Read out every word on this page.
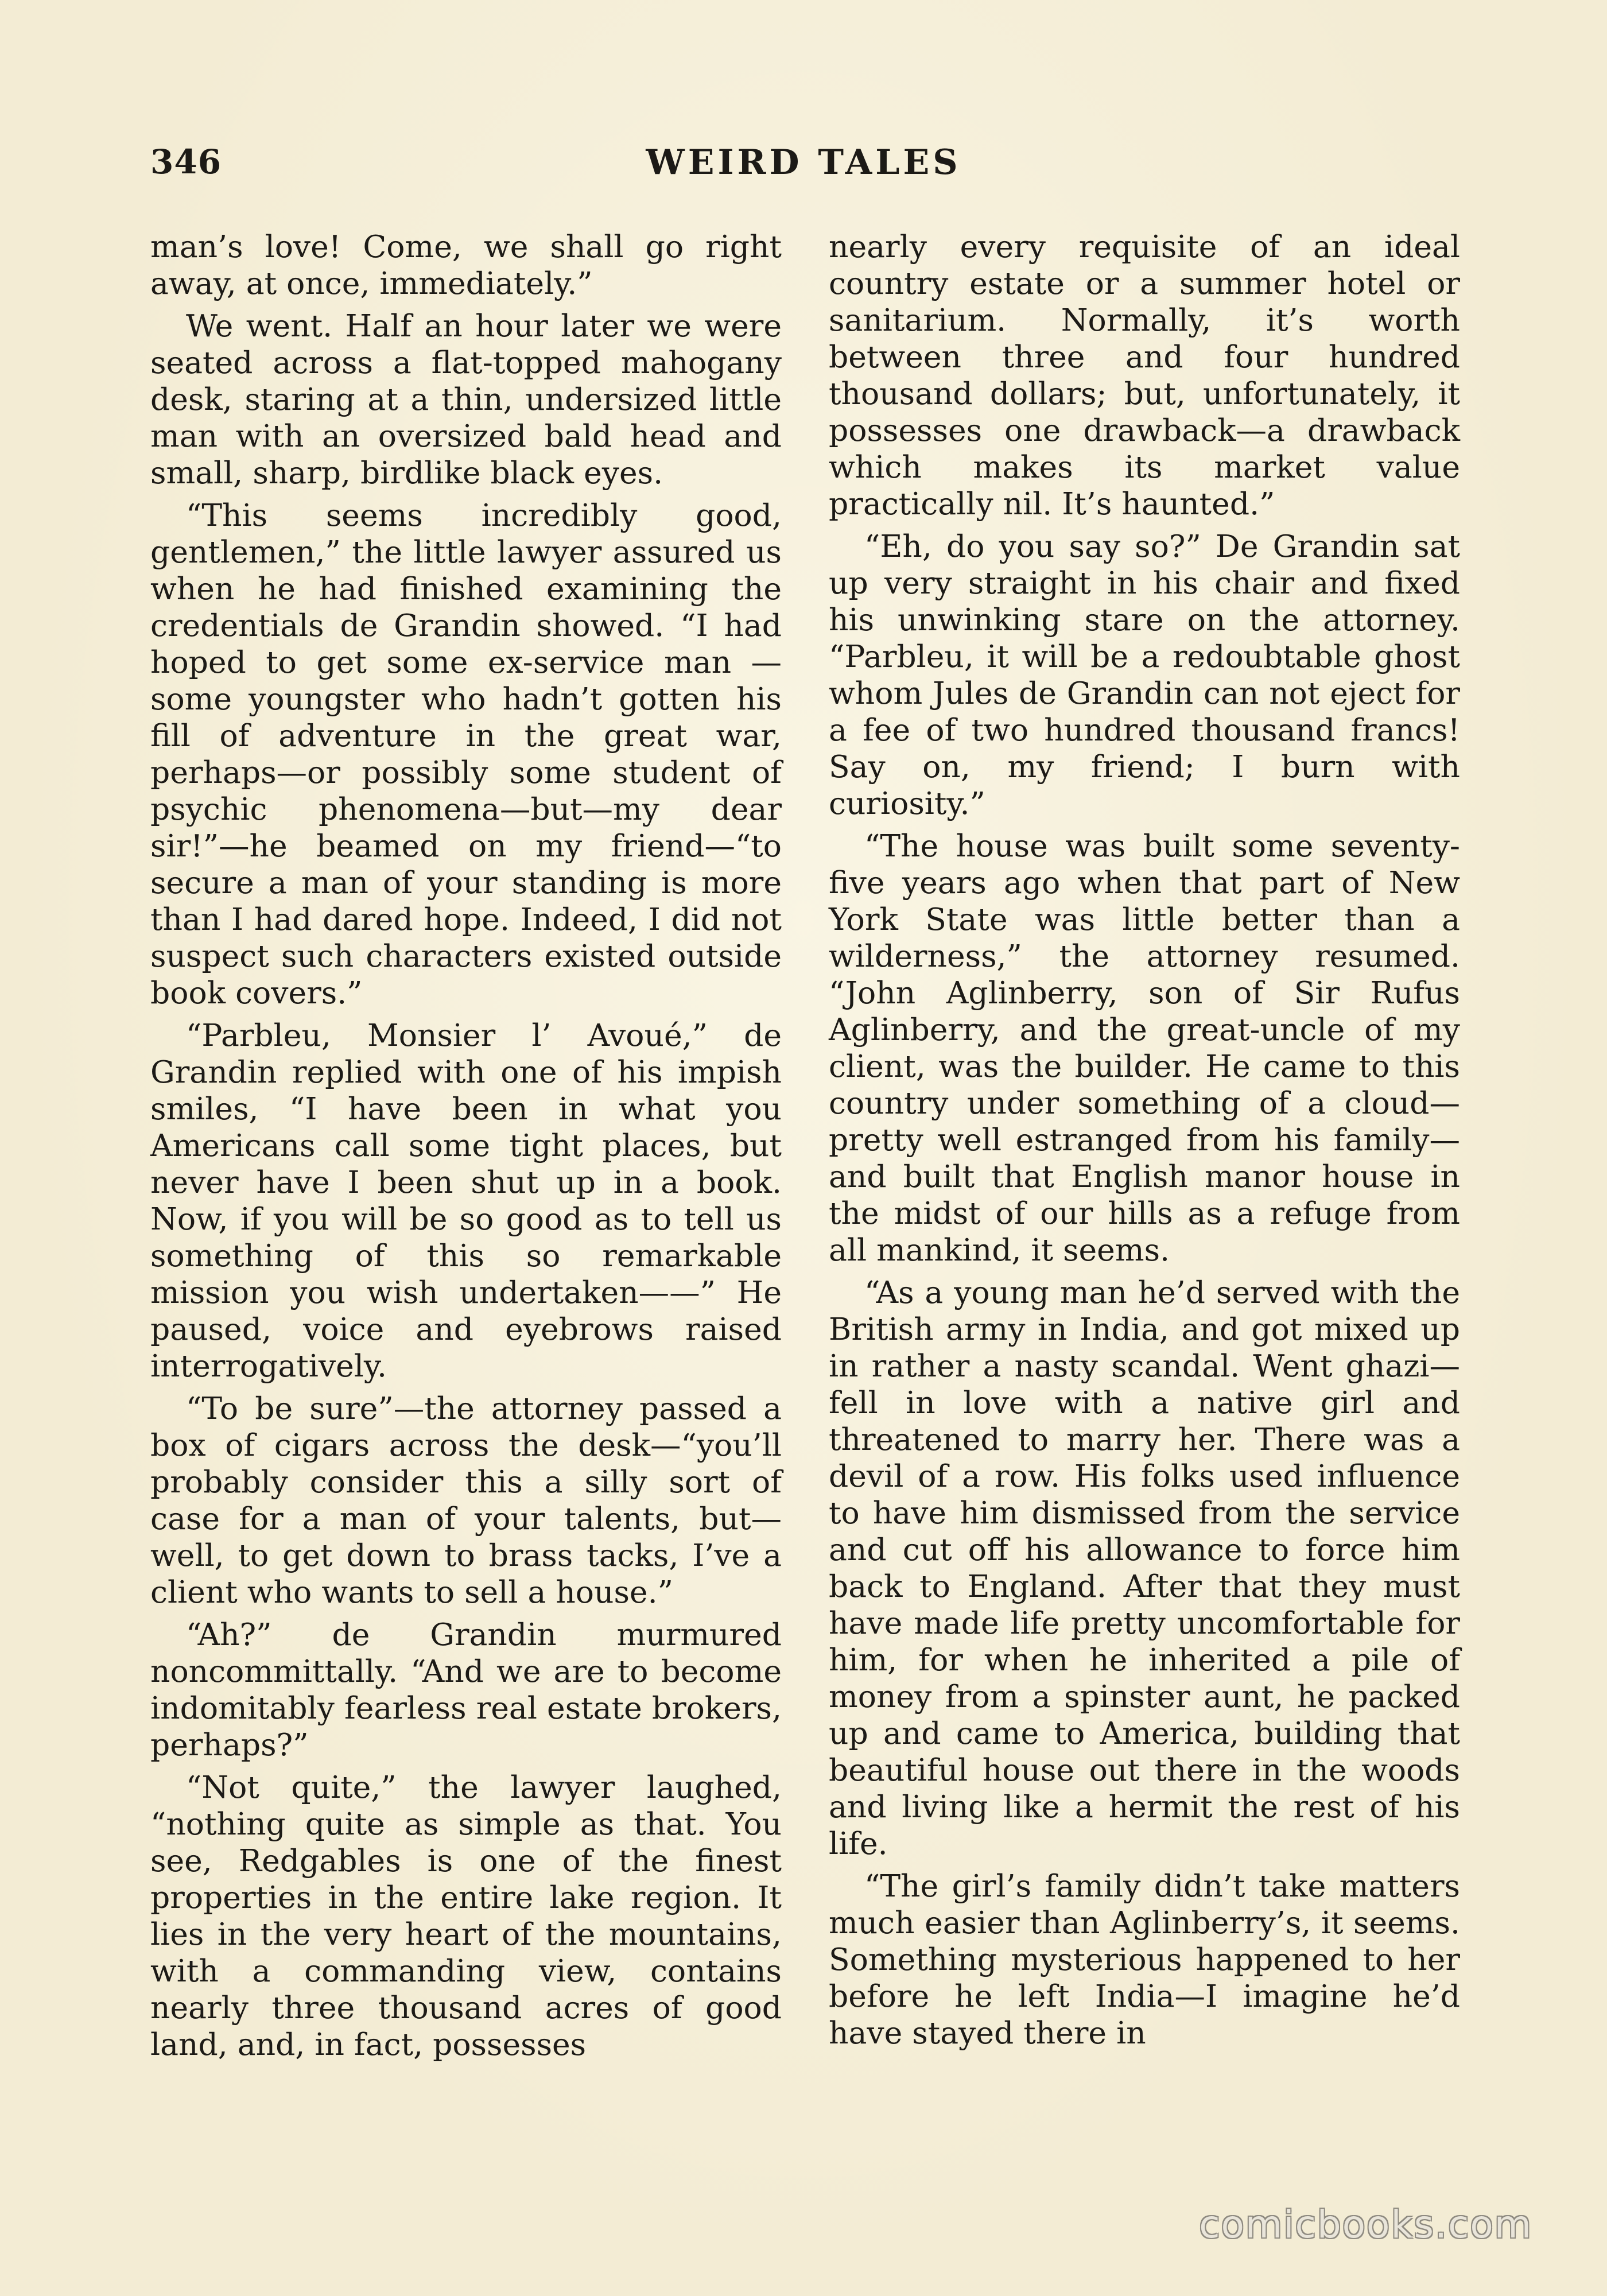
346	WEIRD TALES

man’s love! Come, we shall go right away, at once, immediately.”

We went. Half an hour later we were seated across a flat-topped mahogany desk, staring at a thin, undersized little man with an oversized bald head and small, sharp, birdlike black eyes.

“This seems incredibly good, gentlemen,” the little lawyer assured us when he had finished examining the credentials de Grandin showed. “I had hoped to get some ex-service man —some youngster who hadn’t gotten his fill of adventure in the great war, perhaps—or possibly some student of psychic phenomena—but—my dear sir!”—he beamed on my friend—“to secure a man of your standing is more than I had dared hope. Indeed, I did not suspect such characters existed outside book covers.”

“Parbleu, Monsier l’ Avoué,” de Grandin replied with one of his impish smiles, “I have been in what you Americans call some tight places, but never have I been shut up in a book. Now, if you will be so good as to tell us something of this so remarkable mission you wish undertaken——” He paused, voice and eyebrows raised interrogatively.

“To be sure”—the attorney passed a box of cigars across the desk—“you’ll probably consider this a silly sort of case for a man of your talents, but—well, to get down to brass tacks, I’ve a client who wants to sell a house.”

“Ah?” de Grandin murmured noncommittally. “And we are to become indomitably fearless real estate brokers, perhaps?”

“Not quite,” the lawyer laughed, “nothing quite as simple as that. You see, Redgables is one of the finest properties in the entire lake region. It lies in the very heart of the mountains, with a commanding view, contains nearly three thousand acres of good land, and, in fact, possesses

nearly every requisite of an ideal country estate or a summer hotel or sanitarium. Normally, it’s worth between three and four hundred thousand dollars; but, unfortunately, it possesses one drawback—a drawback which makes its market value practically nil. It’s haunted.”

“Eh, do you say so?” De Grandin sat up very straight in his chair and fixed his unwinking stare on the attorney. “Parbleu, it will be a redoubtable ghost whom Jules de Grandin can not eject for a fee of two hundred thousand francs! Say on, my friend; I burn with curiosity.”

“The house was built some seventy-five years ago when that part of New York State was little better than a wilderness,” the attorney resumed. “John Aglinberry, son of Sir Rufus Aglinberry, and the great-uncle of my client, was the builder. He came to this country under something of a cloud—pretty well estranged from his family—and built that English manor house in the midst of our hills as a refuge from all mankind, it seems.

“As a young man he’d served with the British army in India, and got mixed up in rather a nasty scandal. Went ghazi—fell in love with a native girl and threatened to marry her. There was a devil of a row. His folks used influence to have him dismissed from the service and cut off his allowance to force him back to England. After that they must have made life pretty uncomfortable for him, for when he inherited a pile of money from a spinster aunt, he packed up and came to America, building that beautiful house out there in the woods and living like a hermit the rest of his life.

“The girl’s family didn’t take matters much easier than Aglinberry’s, it seems. Something mysterious happened to her before he left India—I imagine he’d have stayed there in

comicbooks.com
